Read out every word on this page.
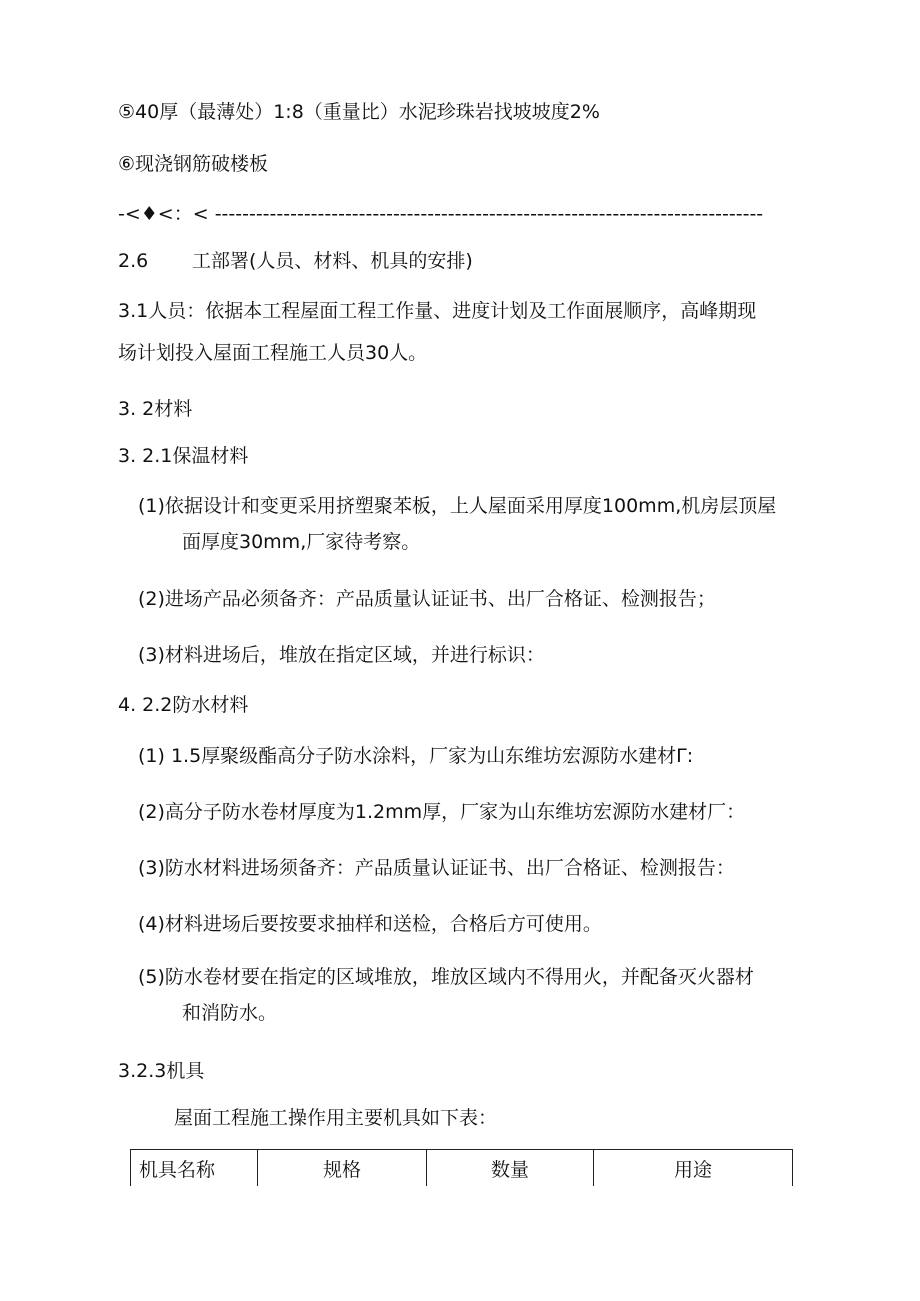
⑤40厚（最薄处）1:8（重量比）水泥珍珠岩找坡坡度2%
⑥现浇钢筋破楼板
-<♦<：< --------------------------------------------------------------------------------
2.6 工部署(人员、材料、机具的安排)
3.1人员：依据本工程屋面工程工作量、进度计划及工作面展顺序，高峰期现
场计划投入屋面工程施工人员30人。
3. 2材料
3. 2.1保温材料
(1)依据设计和变更采用挤塑聚苯板，上人屋面采用厚度100mm,机房层顶屋
面厚度30mm,厂家待考察。
(2)进场产品必须备齐：产品质量认证证书、出厂合格证、检测报告；
(3)材料进场后，堆放在指定区域，并进行标识：
4. 2.2防水材料
(1) 1.5厚聚级酯高分子防水涂料，厂家为山东维坊宏源防水建材Γ:
(2)高分子防水卷材厚度为1.2mm厚，厂家为山东维坊宏源防水建材厂：
(3)防水材料进场须备齐：产品质量认证证书、出厂合格证、检测报告：
(4)材料进场后要按要求抽样和送检，合格后方可使用。
(5)防水卷材要在指定的区域堆放，堆放区域内不得用火，并配备灭火器材
和消防水。
3.2.3机具
屋面工程施工操作用主要机具如下表：
机具名称	规格	数量	用途
